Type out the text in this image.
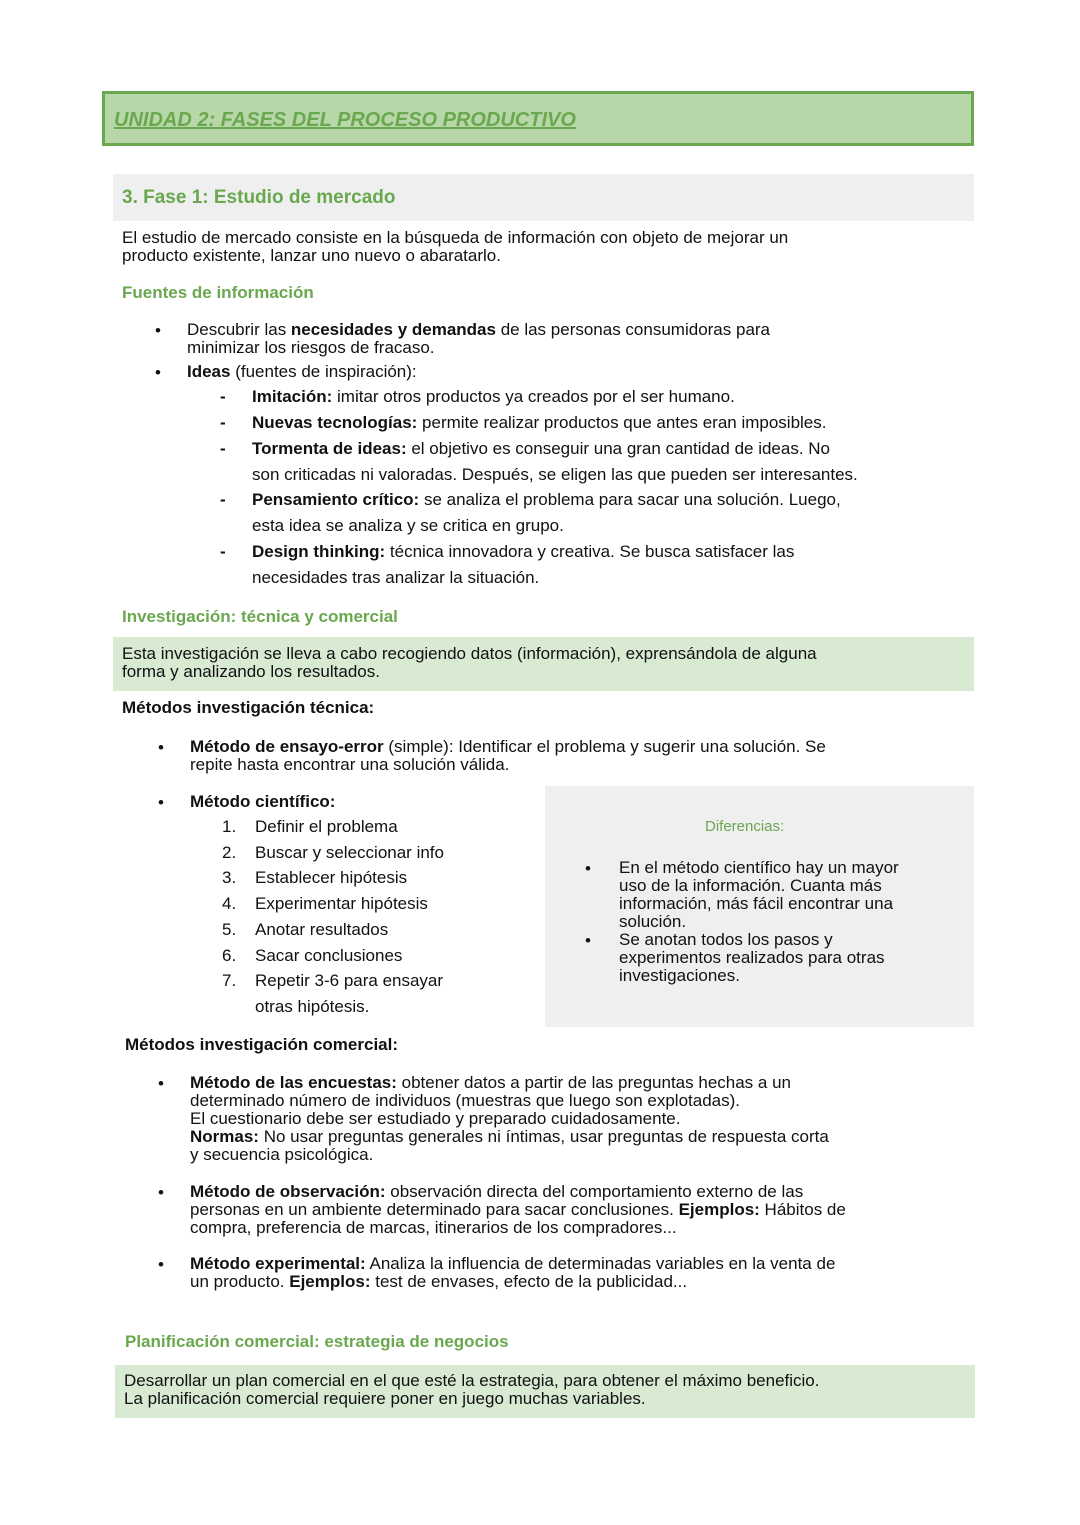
UNIDAD 2: FASES DEL PROCESO PRODUCTIVO
3. Fase 1: Estudio de mercado
El estudio de mercado consiste en la búsqueda de información con objeto de mejorar un
producto existente, lanzar uno nuevo o abaratarlo.
Fuentes de información
• Descubrir las necesidades y demandas de las personas consumidoras para
minimizar los riesgos de fracaso.
• Ideas (fuentes de inspiración):
- Imitación: imitar otros productos ya creados por el ser humano.
- Nuevas tecnologías: permite realizar productos que antes eran imposibles.
- Tormenta de ideas: el objetivo es conseguir una gran cantidad de ideas. No
son criticadas ni valoradas. Después, se eligen las que pueden ser interesantes.
- Pensamiento crítico: se analiza el problema para sacar una solución. Luego,
esta idea se analiza y se critica en grupo.
- Design thinking: técnica innovadora y creativa. Se busca satisfacer las
necesidades tras analizar la situación.
Investigación: técnica y comercial
Esta investigación se lleva a cabo recogiendo datos (información), exprensándola de alguna
forma y analizando los resultados.
Métodos investigación técnica:
• Método de ensayo-error (simple): Identificar el problema y sugerir una solución. Se
repite hasta encontrar una solución válida.
• Método científico:
1. Definir el problema
2. Buscar y seleccionar info
3. Establecer hipótesis
4. Experimentar hipótesis
5. Anotar resultados
6. Sacar conclusiones
7. Repetir 3-6 para ensayar
otras hipótesis.
Diferencias:
• En el método científico hay un mayor
uso de la información. Cuanta más
información, más fácil encontrar una
solución.
• Se anotan todos los pasos y
experimentos realizados para otras
investigaciones.
Métodos investigación comercial:
• Método de las encuestas: obtener datos a partir de las preguntas hechas a un
determinado número de individuos (muestras que luego son explotadas).
El cuestionario debe ser estudiado y preparado cuidadosamente.
Normas: No usar preguntas generales ni íntimas, usar preguntas de respuesta corta
y secuencia psicológica.
• Método de observación: observación directa del comportamiento externo de las
personas en un ambiente determinado para sacar conclusiones. Ejemplos: Hábitos de
compra, preferencia de marcas, itinerarios de los compradores...
• Método experimental: Analiza la influencia de determinadas variables en la venta de
un producto. Ejemplos: test de envases, efecto de la publicidad...
Planificación comercial: estrategia de negocios
Desarrollar un plan comercial en el que esté la estrategia, para obtener el máximo beneficio.
La planificación comercial requiere poner en juego muchas variables.
